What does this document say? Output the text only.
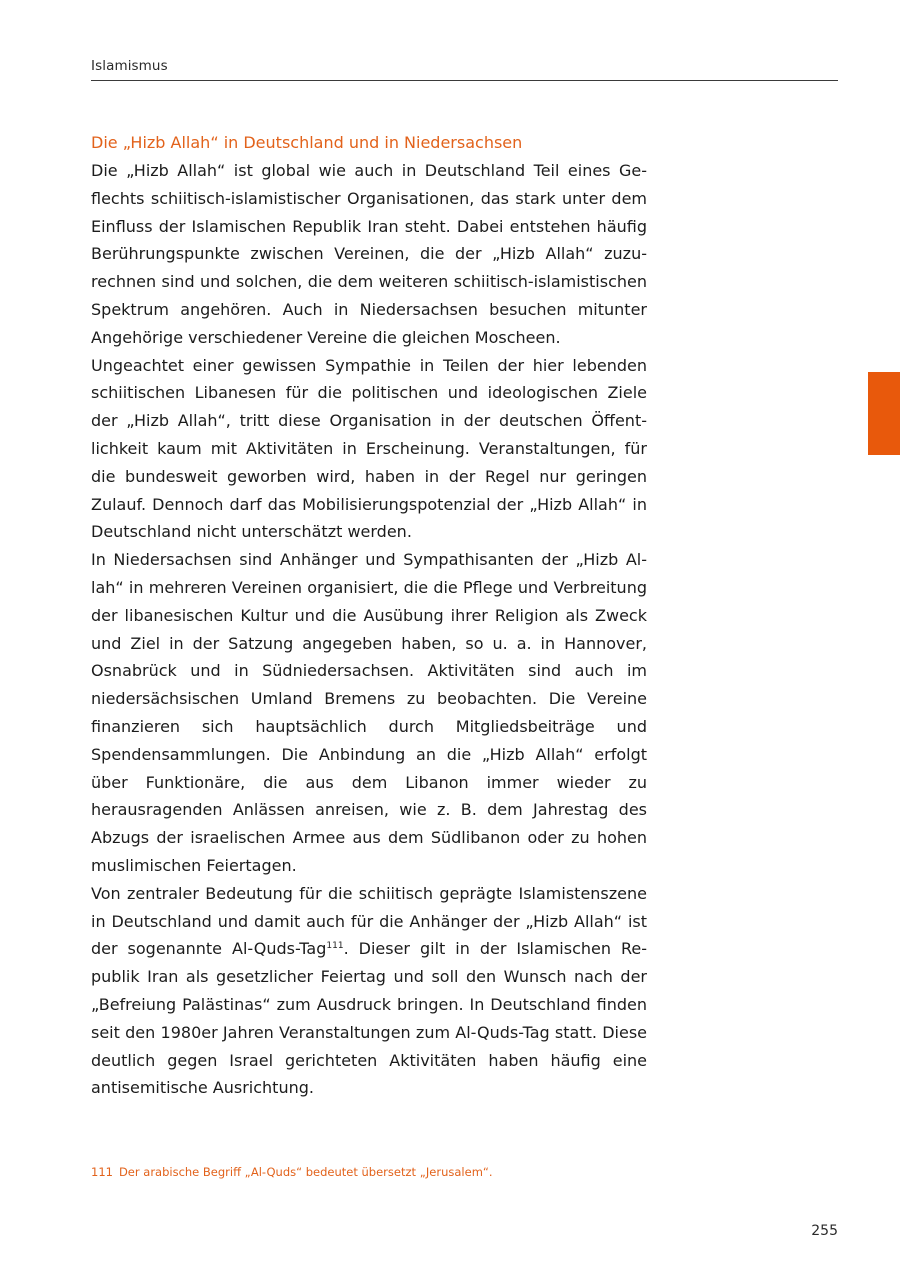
Islamismus
Die „Hizb Allah“ in Deutschland und in Niedersachsen

Die „Hizb Allah“ ist global wie auch in Deutschland Teil eines Geflechts schiitisch-islamistischer Organisationen, das stark unter dem Einfluss der Islamischen Republik Iran steht. Dabei entstehen häufig Berührungspunkte zwischen Vereinen, die der „Hizb Allah“ zuzurechnen sind und solchen, die dem weiteren schiitisch-islamistischen Spektrum angehören. Auch in Niedersachsen besuchen mitunter Angehörige verschiedener Vereine die gleichen Moscheen.

Ungeachtet einer gewissen Sympathie in Teilen der hier lebenden schiitischen Libanesen für die politischen und ideologischen Ziele der „Hizb Allah“, tritt diese Organisation in der deutschen Öffentlichkeit kaum mit Aktivitäten in Erscheinung. Veranstaltungen, für die bundesweit geworben wird, haben in der Regel nur geringen Zulauf. Dennoch darf das Mobilisierungspotenzial der „Hizb Allah“ in Deutschland nicht unterschätzt werden.

In Niedersachsen sind Anhänger und Sympathisanten der „Hizb Allah“ in mehreren Vereinen organisiert, die die Pflege und Verbreitung der libanesischen Kultur und die Ausübung ihrer Religion als Zweck und Ziel in der Satzung angegeben haben, so u. a. in Hannover, Osnabrück und in Südniedersachsen. Aktivitäten sind auch im niedersächsischen Umland Bremens zu beobachten. Die Vereine finanzieren sich hauptsächlich durch Mitgliedsbeiträge und Spendensammlungen. Die Anbindung an die „Hizb Allah“ erfolgt über Funktionäre, die aus dem Libanon immer wieder zu herausragenden Anlässen anreisen, wie z. B. dem Jahrestag des Abzugs der israelischen Armee aus dem Südlibanon oder zu hohen muslimischen Feiertagen.

Von zentraler Bedeutung für die schiitisch geprägte Islamistenszene in Deutschland und damit auch für die Anhänger der „Hizb Allah“ ist der sogenannte Al-Quds-Tag$^{111}$. Dieser gilt in der Islamischen Republik Iran als gesetzlicher Feiertag und soll den Wunsch nach der „Befreiung Palästinas“ zum Ausdruck bringen. In Deutschland finden seit den 1980er Jahren Veranstaltungen zum Al-Quds-Tag statt. Diese deutlich gegen Israel gerichteten Aktivitäten haben häufig eine antisemitische Ausrichtung.

111 Der arabische Begriff „Al-Quds“ bedeutet übersetzt „Jerusalem“.
255
